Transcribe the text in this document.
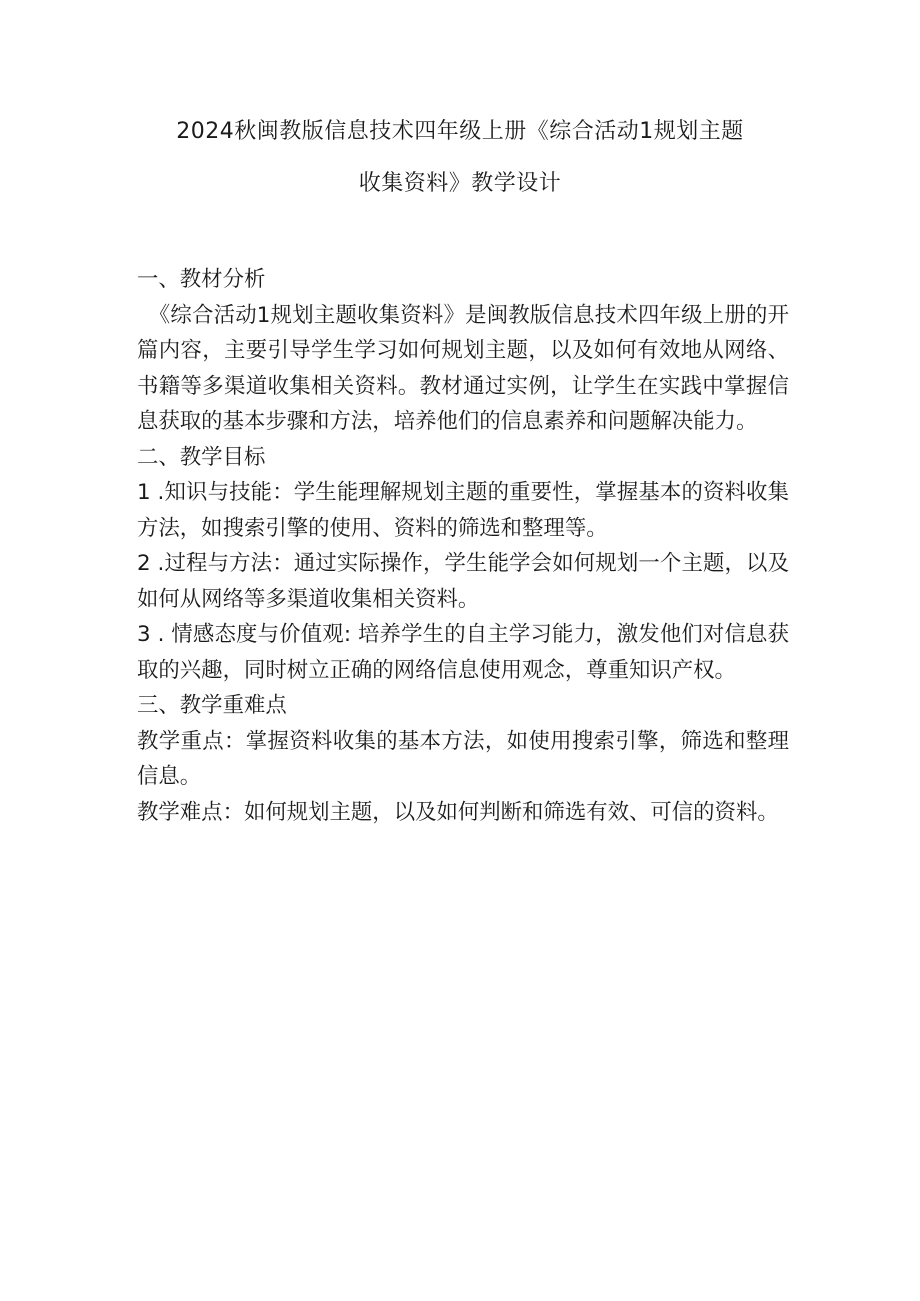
2024秋闽教版信息技术四年级上册《综合活动1规划主题
收集资料》教学设计

一、教材分析

《综合活动1规划主题收集资料》是闽教版信息技术四年级上册的开篇内容，主要引导学生学习如何规划主题，以及如何有效地从网络、书籍等多渠道收集相关资料。教材通过实例，让学生在实践中掌握信息获取的基本步骤和方法，培养他们的信息素养和问题解决能力。

二、教学目标

1 .知识与技能：学生能理解规划主题的重要性，掌握基本的资料收集方法，如搜索引擎的使用、资料的筛选和整理等。

2 .过程与方法：通过实际操作，学生能学会如何规划一个主题，以及如何从网络等多渠道收集相关资料。

3 . 情感态度与价值观: 培养学生的自主学习能力，激发他们对信息获取的兴趣，同时树立正确的网络信息使用观念，尊重知识产权。

三、教学重难点

教学重点：掌握资料收集的基本方法，如使用搜索引擎，筛选和整理信息。

教学难点：如何规划主题，以及如何判断和筛选有效、可信的资料。
